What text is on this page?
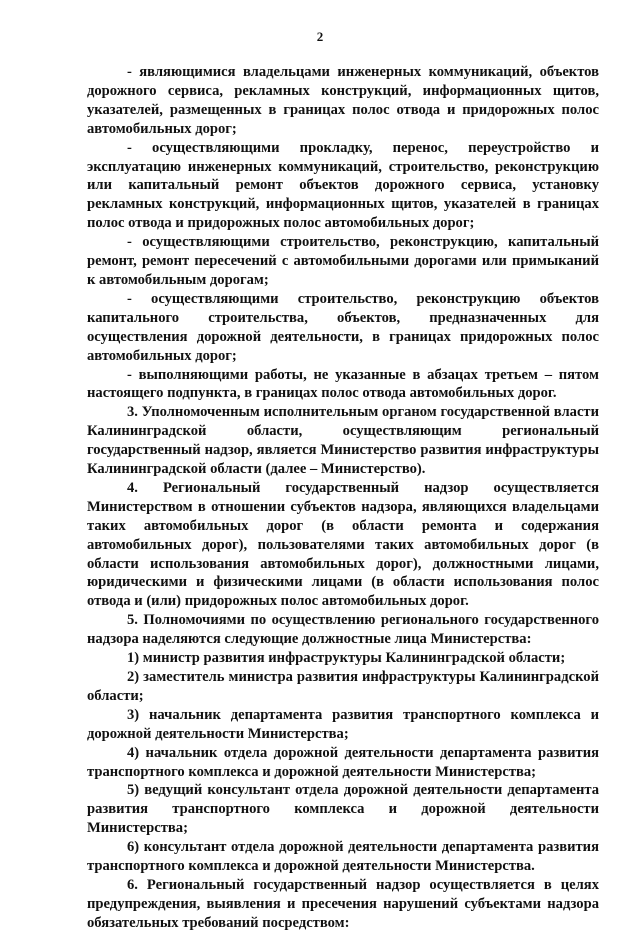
2

- являющимися владельцами инженерных коммуникаций, объектов дорожного сервиса, рекламных конструкций, информационных щитов, указателей, размещенных в границах полос отвода и придорожных полос автомобильных дорог;

- осуществляющими прокладку, перенос, переустройство и эксплуатацию инженерных коммуникаций, строительство, реконструкцию или капитальный ремонт объектов дорожного сервиса, установку рекламных конструкций, информационных щитов, указателей в границах полос отвода и придорожных полос автомобильных дорог;

- осуществляющими строительство, реконструкцию, капитальный ремонт, ремонт пересечений с автомобильными дорогами или примыканий к автомобильным дорогам;

- осуществляющими строительство, реконструкцию объектов капитального строительства, объектов, предназначенных для осуществления дорожной деятельности, в границах придорожных полос автомобильных дорог;

- выполняющими работы, не указанные в абзацах третьем – пятом настоящего подпункта, в границах полос отвода автомобильных дорог.

3. Уполномоченным исполнительным органом государственной власти Калининградской области, осуществляющим региональный государственный надзор, является Министерство развития инфраструктуры Калининградской области (далее – Министерство).

4. Региональный государственный надзор осуществляется Министерством в отношении субъектов надзора, являющихся владельцами таких автомобильных дорог (в области ремонта и содержания автомобильных дорог), пользователями таких автомобильных дорог (в области использования автомобильных дорог), должностными лицами, юридическими и физическими лицами (в области использования полос отвода и (или) придорожных полос автомобильных дорог.

5. Полномочиями по осуществлению регионального государственного надзора наделяются следующие должностные лица Министерства:

1) министр развития инфраструктуры Калининградской области;

2) заместитель министра развития инфраструктуры Калининградской области;

3) начальник департамента развития транспортного комплекса и дорожной деятельности Министерства;

4) начальник отдела дорожной деятельности департамента развития транспортного комплекса и дорожной деятельности Министерства;

5) ведущий консультант отдела дорожной деятельности департамента развития транспортного комплекса и дорожной деятельности Министерства;

6) консультант отдела дорожной деятельности департамента развития транспортного комплекса и дорожной деятельности Министерства.

6. Региональный государственный надзор осуществляется в целях предупреждения, выявления и пресечения нарушений субъектами надзора обязательных требований посредством:
